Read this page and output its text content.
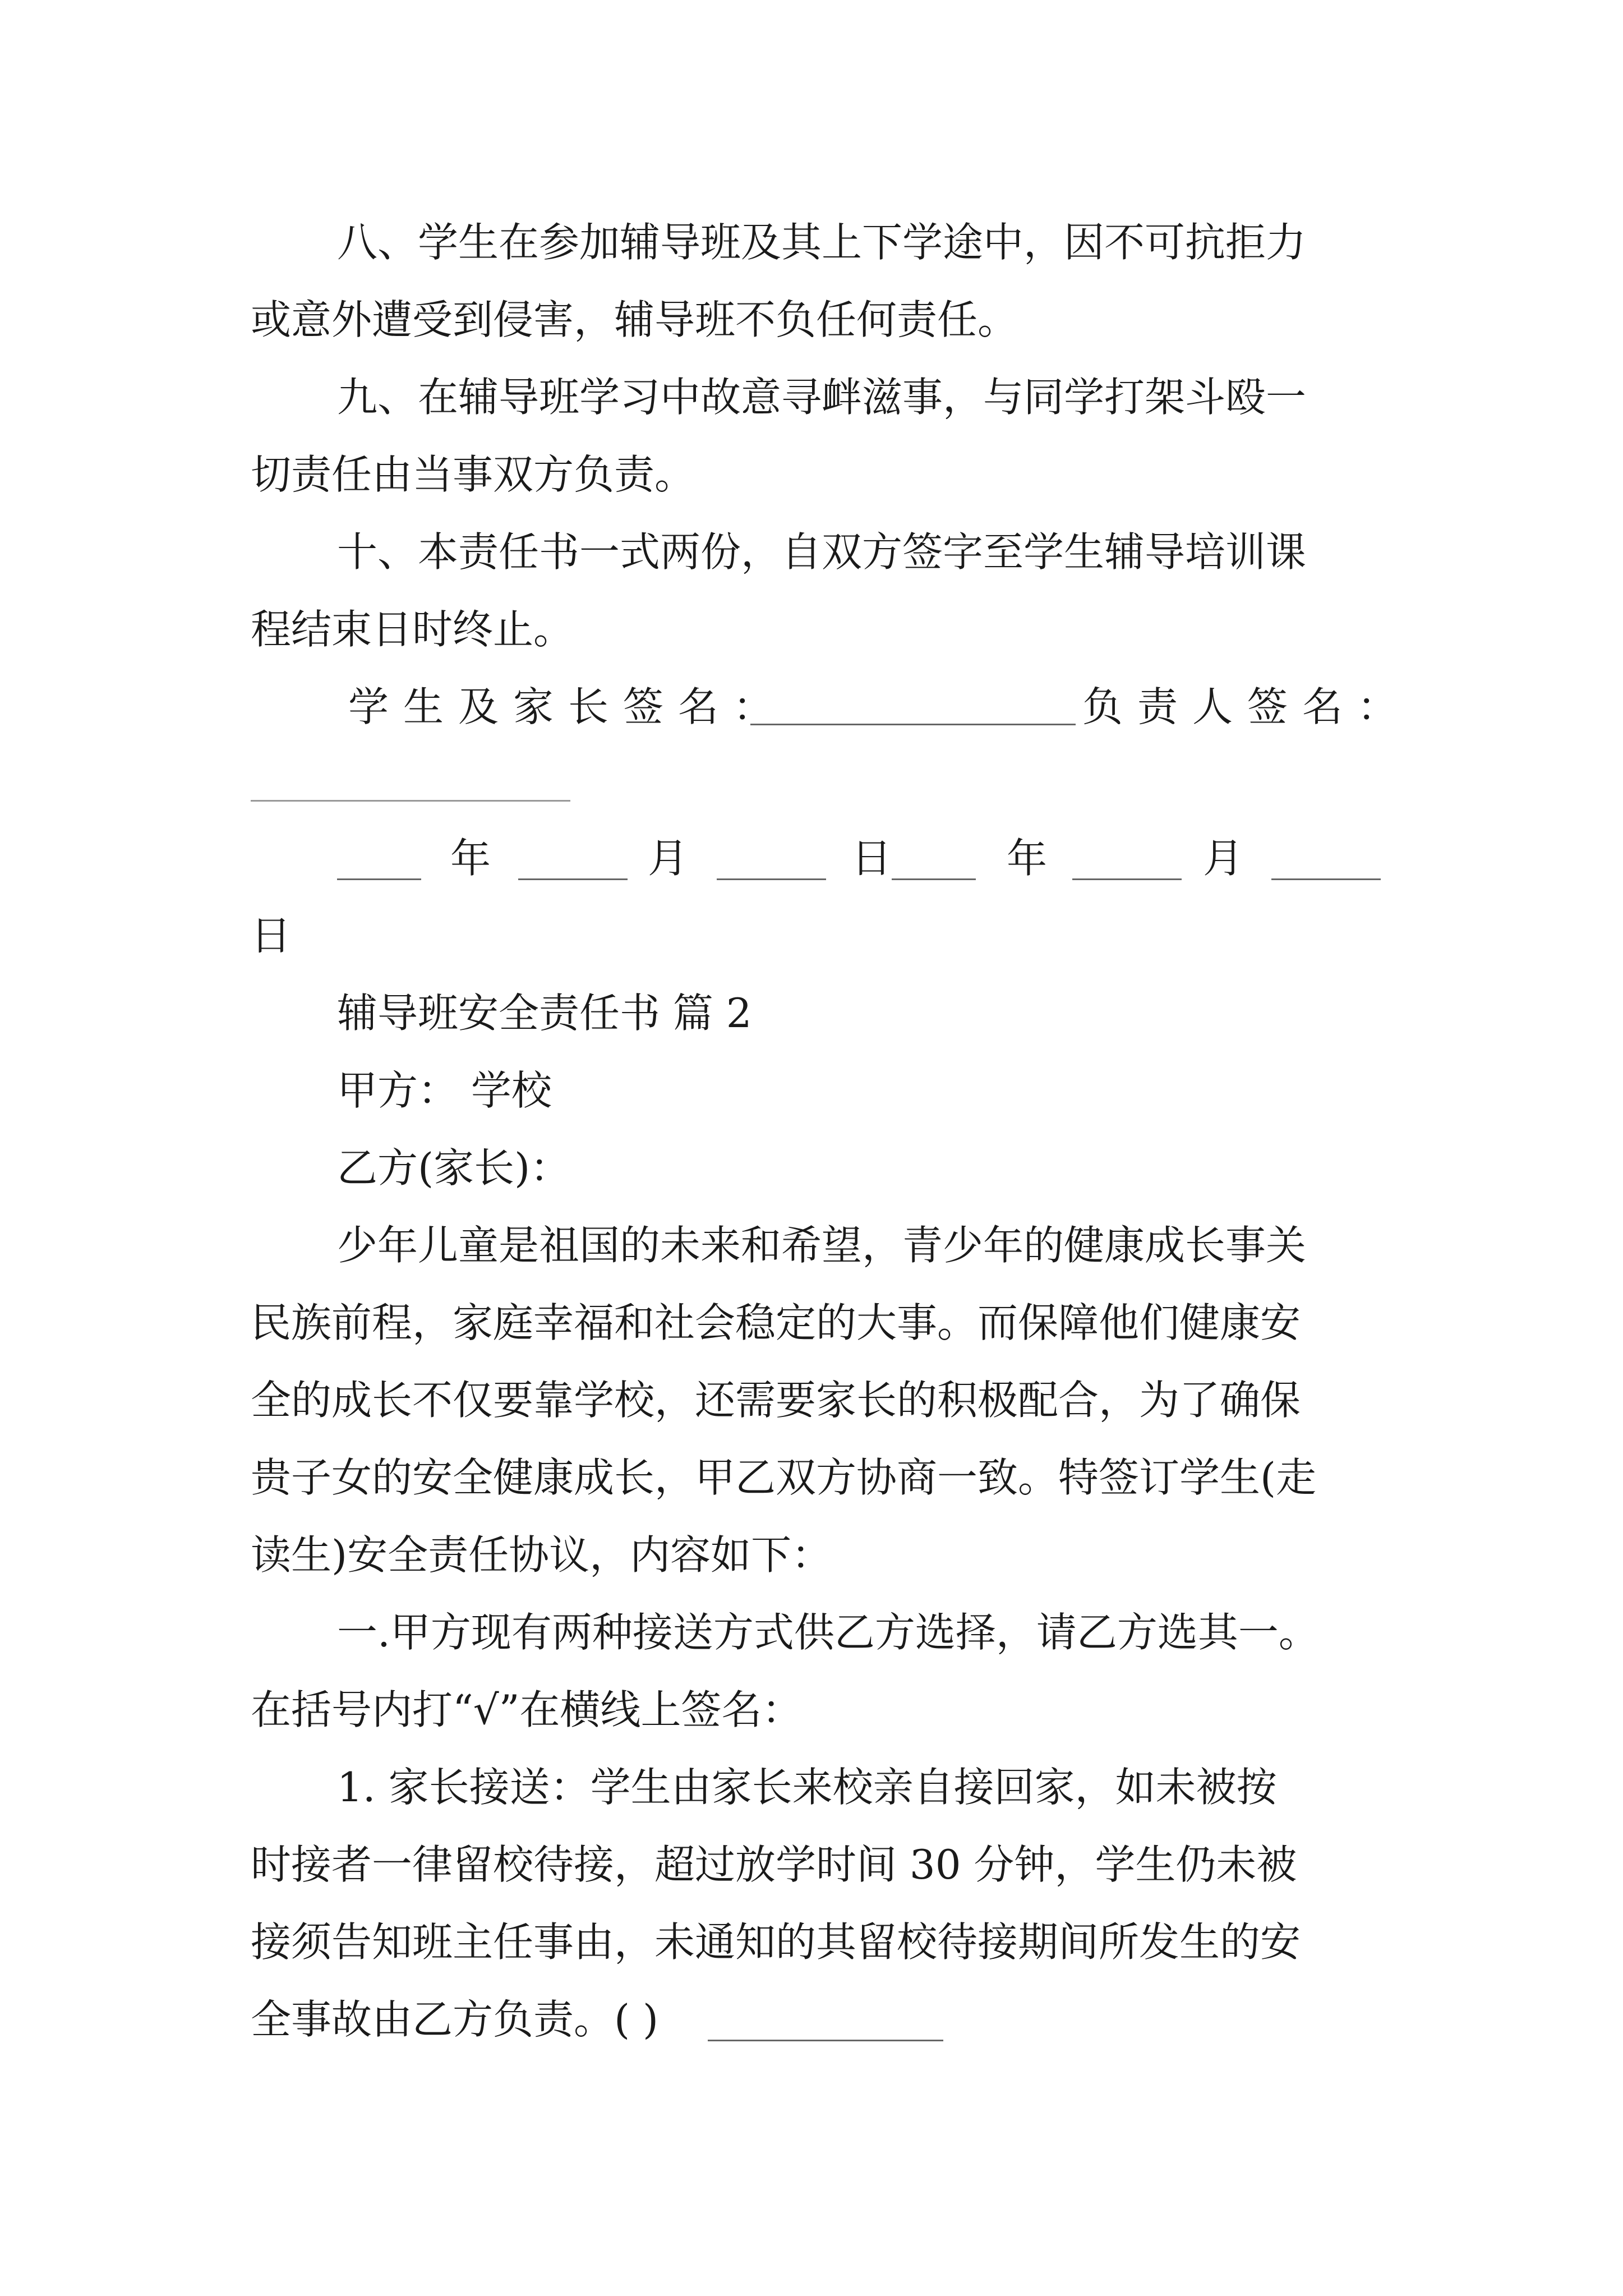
八、学生在参加辅导班及其上下学途中，因不可抗拒力
或意外遭受到侵害，辅导班不负任何责任。
九、在辅导班学习中故意寻衅滋事，与同学打架斗殴一
切责任由当事双方负责。
十、本责任书一式两份，自双方签字至学生辅导培训课
程结束日时终止。
学生及家长签名：	负责人签名：
年	月	日	年	月
日
辅导班安全责任书 篇 2
甲方： 学校
乙方(家长)：
少年儿童是祖国的未来和希望，青少年的健康成长事关
民族前程，家庭幸福和社会稳定的大事。而保障他们健康安
全的成长不仅要靠学校，还需要家长的积极配合，为了确保
贵子女的安全健康成长，甲乙双方协商一致。特签订学生(走
读生)安全责任协议，内容如下：
一.甲方现有两种接送方式供乙方选择，请乙方选其一。
在括号内打“√”在横线上签名：
1. 家长接送：学生由家长来校亲自接回家，如未被按
时接者一律留校待接，超过放学时间 30 分钟，学生仍未被
接须告知班主任事由，未通知的其留校待接期间所发生的安
全事故由乙方负责。( )
